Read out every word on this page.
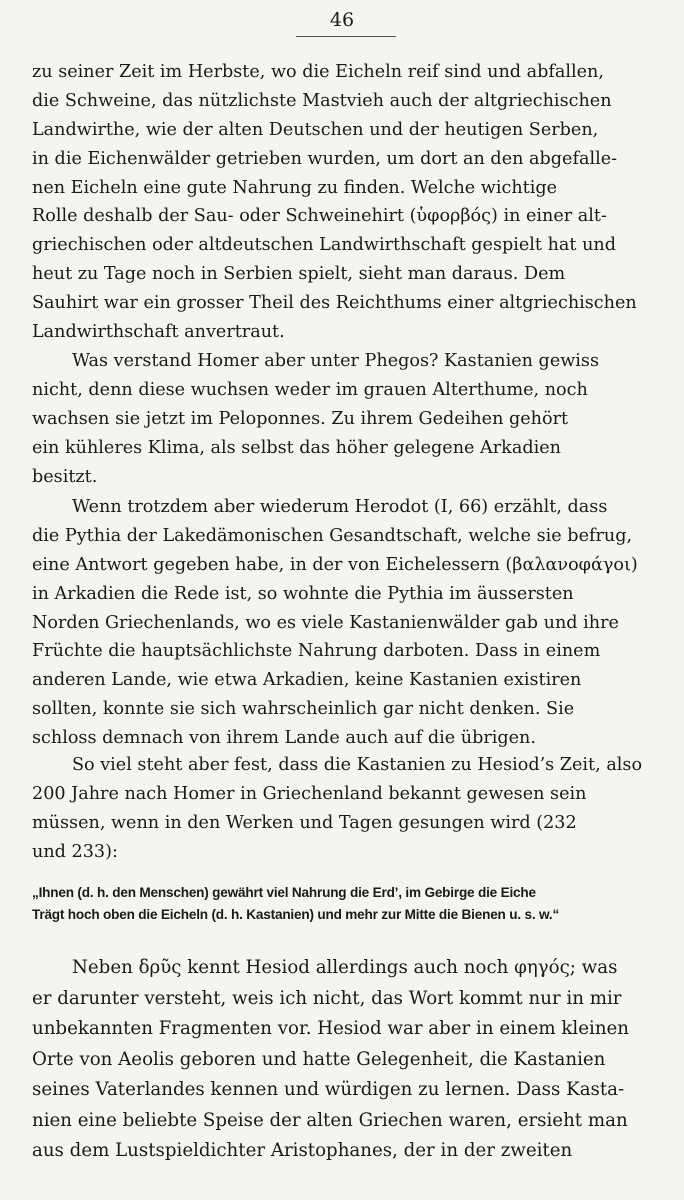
46
zu seiner Zeit im Herbste, wo die Eicheln reif sind und abfallen,
die Schweine, das nützlichste Mastvieh auch der altgriechischen
Landwirthe, wie der alten Deutschen und der heutigen Serben,
in die Eichenwälder getrieben wurden, um dort an den abgefalle-
nen Eicheln eine gute Nahrung zu finden. Welche wichtige
Rolle deshalb der Sau- oder Schweinehirt (ὑφορβός) in einer alt-
griechischen oder altdeutschen Landwirthschaft gespielt hat und
heut zu Tage noch in Serbien spielt, sieht man daraus. Dem
Sauhirt war ein grosser Theil des Reichthums einer altgriechischen
Landwirthschaft anvertraut.
Was verstand Homer aber unter Phegos? Kastanien gewiss
nicht, denn diese wuchsen weder im grauen Alterthume, noch
wachsen sie jetzt im Peloponnes. Zu ihrem Gedeihen gehört
ein kühleres Klima, als selbst das höher gelegene Arkadien
besitzt.
Wenn trotzdem aber wiederum Herodot (I, 66) erzählt, dass
die Pythia der Lakedämonischen Gesandtschaft, welche sie befrug,
eine Antwort gegeben habe, in der von Eichelessern (βαλανοφάγοι)
in Arkadien die Rede ist, so wohnte die Pythia im äussersten
Norden Griechenlands, wo es viele Kastanienwälder gab und ihre
Früchte die hauptsächlichste Nahrung darboten. Dass in einem
anderen Lande, wie etwa Arkadien, keine Kastanien existiren
sollten, konnte sie sich wahrscheinlich gar nicht denken. Sie
schloss demnach von ihrem Lande auch auf die übrigen.
So viel steht aber fest, dass die Kastanien zu Hesiod’s Zeit, also
200 Jahre nach Homer in Griechenland bekannt gewesen sein
müssen, wenn in den Werken und Tagen gesungen wird (232
und 233):
„Ihnen (d. h. den Menschen) gewährt viel Nahrung die Erd’, im Gebirge die Eiche
Trägt hoch oben die Eicheln (d. h. Kastanien) und mehr zur Mitte die Bienen u. s. w.“
Neben δρῦς kennt Hesiod allerdings auch noch φηγός; was
er darunter versteht, weis ich nicht, das Wort kommt nur in mir
unbekannten Fragmenten vor. Hesiod war aber in einem kleinen
Orte von Aeolis geboren und hatte Gelegenheit, die Kastanien
seines Vaterlandes kennen und würdigen zu lernen. Dass Kasta-
nien eine beliebte Speise der alten Griechen waren, ersieht man
aus dem Lustspieldichter Aristophanes, der in der zweiten
